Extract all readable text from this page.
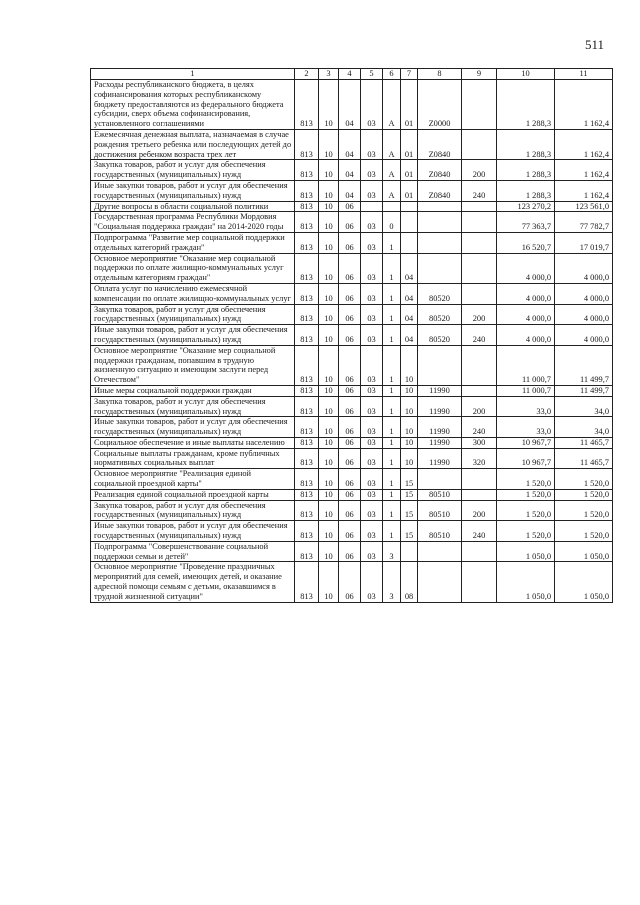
511
1	2	3	4	5	6	7	8	9	10	11
Расходы республиканского бюджета, в целях софинансирования которых республиканскому бюджету предоставляются из федерального бюджета субсидии, сверх объема софинансирования, установленного соглашениями	813	10	04	03	А	01	Z0000		1 288,3	1 162,4
Ежемесячная денежная выплата, назначаемая в случае рождения третьего ребенка или последующих детей до достижения ребенком возраста трех лет	813	10	04	03	А	01	Z0840		1 288,3	1 162,4
Закупка товаров, работ и услуг для обеспечения государственных (муниципальных) нужд	813	10	04	03	А	01	Z0840	200	1 288,3	1 162,4
Иные закупки товаров, работ и услуг для обеспечения государственных (муниципальных) нужд	813	10	04	03	А	01	Z0840	240	1 288,3	1 162,4
Другие вопросы в области социальной политики	813	10	06						123 270,2	123 561,0
Государственная программа Республики Мордовия "Социальная поддержка граждан" на 2014-2020 годы	813	10	06	03	0				77 363,7	77 782,7
Подпрограмма "Развитие мер социальной поддержки отдельных категорий граждан"	813	10	06	03	1				16 520,7	17 019,7
Основное мероприятие "Оказание мер социальной поддержки по оплате жилищно-коммунальных услуг отдельным категориям граждан"	813	10	06	03	1	04			4 000,0	4 000,0
Оплата услуг по начислению ежемесячной компенсации по оплате жилищно-коммунальных услуг	813	10	06	03	1	04	80520		4 000,0	4 000,0
Закупка товаров, работ и услуг для обеспечения государственных (муниципальных) нужд	813	10	06	03	1	04	80520	200	4 000,0	4 000,0
Иные закупки товаров, работ и услуг для обеспечения государственных (муниципальных) нужд	813	10	06	03	1	04	80520	240	4 000,0	4 000,0
Основное мероприятие "Оказание мер социальной поддержки гражданам, попавшим в трудную жизненную ситуацию и имеющим заслуги перед Отечеством"	813	10	06	03	1	10			11 000,7	11 499,7
Иные меры социальной поддержки граждан	813	10	06	03	1	10	11990		11 000,7	11 499,7
Закупка товаров, работ и услуг для обеспечения государственных (муниципальных) нужд	813	10	06	03	1	10	11990	200	33,0	34,0
Иные закупки товаров, работ и услуг для обеспечения государственных (муниципальных) нужд	813	10	06	03	1	10	11990	240	33,0	34,0
Социальное обеспечение и иные выплаты населению	813	10	06	03	1	10	11990	300	10 967,7	11 465,7
Социальные выплаты гражданам, кроме публичных нормативных социальных выплат	813	10	06	03	1	10	11990	320	10 967,7	11 465,7
Основное мероприятие "Реализация единой социальной проездной карты"	813	10	06	03	1	15			1 520,0	1 520,0
Реализация единой социальной проездной карты	813	10	06	03	1	15	80510		1 520,0	1 520,0
Закупка товаров, работ и услуг для обеспечения государственных (муниципальных) нужд	813	10	06	03	1	15	80510	200	1 520,0	1 520,0
Иные закупки товаров, работ и услуг для обеспечения государственных (муниципальных) нужд	813	10	06	03	1	15	80510	240	1 520,0	1 520,0
Подпрограмма "Совершенствование социальной поддержки семьи и детей"	813	10	06	03	3				1 050,0	1 050,0
Основное мероприятие "Проведение праздничных мероприятий для семей, имеющих детей, и оказание адресной помощи семьям с детьми, оказавшимся в трудной жизненной ситуации"	813	10	06	03	3	08			1 050,0	1 050,0
